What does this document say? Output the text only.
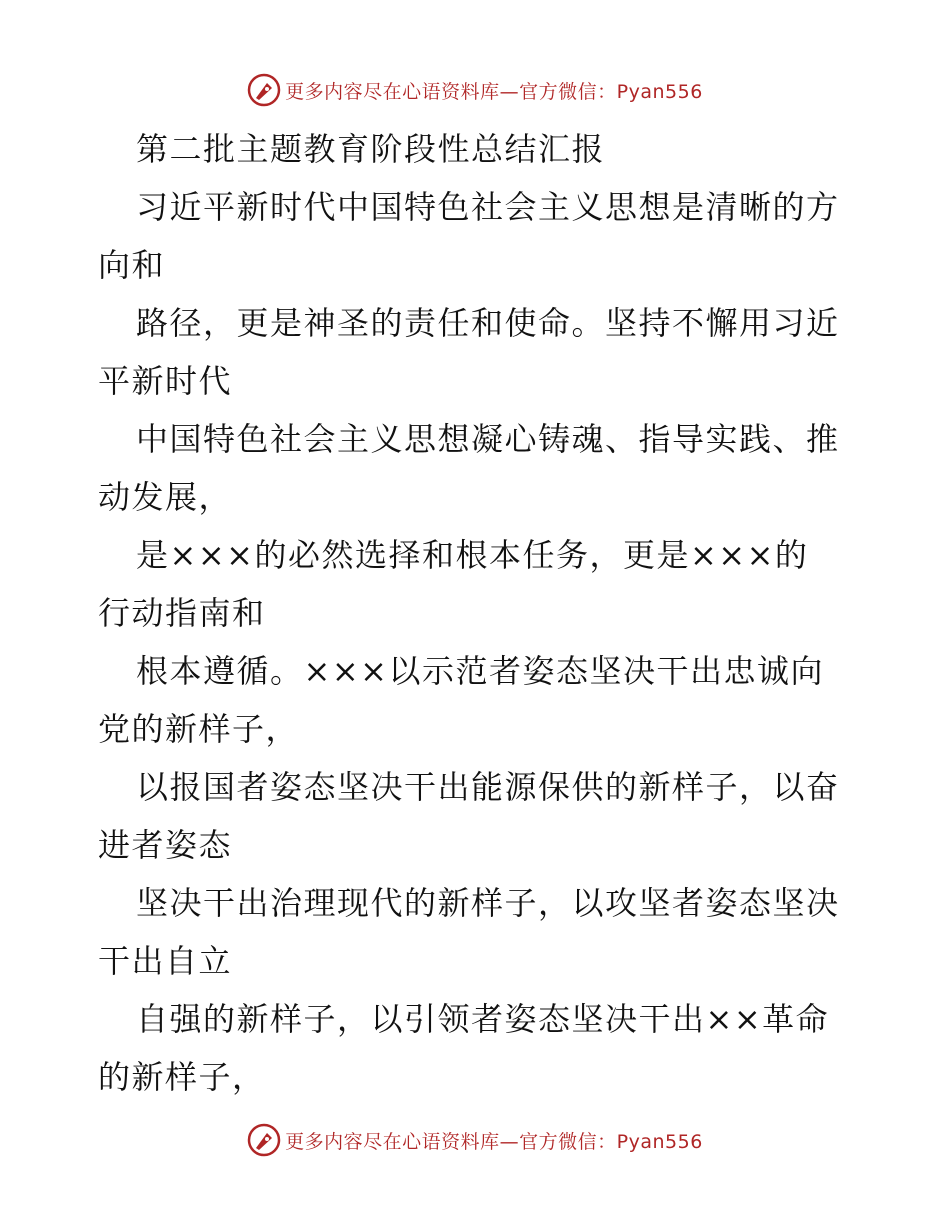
更多内容尽在心语资料库—官方微信：Pyan556
第二批主题教育阶段性总结汇报
习近平新时代中国特色社会主义思想是清晰的方
向和
路径，更是神圣的责任和使命。坚持不懈用习近
平新时代
中国特色社会主义思想凝心铸魂、指导实践、推
动发展，
是×××的必然选择和根本任务，更是×××的
行动指南和
根本遵循。×××以示范者姿态坚决干出忠诚向
党的新样子，
以报国者姿态坚决干出能源保供的新样子，以奋
进者姿态
坚决干出治理现代的新样子，以攻坚者姿态坚决
干出自立
自强的新样子，以引领者姿态坚决干出××革命
的新样子，
更多内容尽在心语资料库—官方微信：Pyan556
